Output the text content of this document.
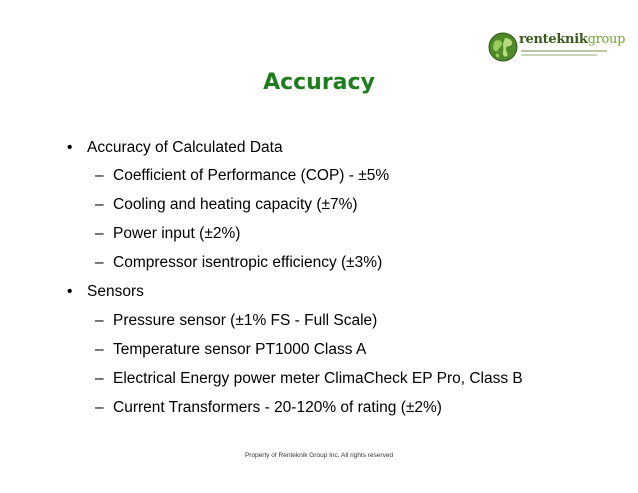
renteknikgroup
Accuracy
• Accuracy of Calculated Data
– Coefficient of Performance (COP) - ±5%
– Cooling and heating capacity (±7%)
– Power input (±2%)
– Compressor isentropic efficiency (±3%)
• Sensors
– Pressure sensor (±1% FS - Full Scale)
– Temperature sensor PT1000 Class A
– Electrical Energy power meter ClimaCheck EP Pro, Class B
– Current Transformers - 20-120% of rating (±2%)
Property of Renteknik Group Inc. All rights reserved
